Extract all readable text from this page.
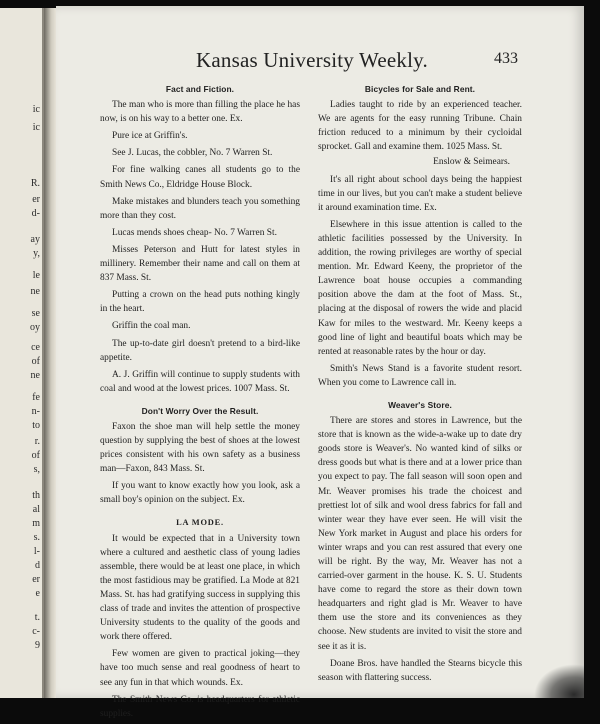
ic
ic
R.
er
d-
ay
y,
le
ne
se
oy
ce
of
ne
fe
n-
to
r.
of
s,
th
al
m
s.
l-
d
er
e
t.
c-
9
Kansas University Weekly.	433
Fact and Fiction.
The man who is more than filling the place he has now, is on his way to a better one. Ex.
Pure ice at Griffin's.
See J. Lucas, the cobbler, No. 7 Warren St.
For fine walking canes all students go to the Smith News Co., Eldridge House Block.
Make mistakes and blunders teach you something more than they cost.
Lucas mends shoes cheap- No. 7 Warren St.
Misses Peterson and Hutt for latest styles in millinery. Remember their name and call on them at 837 Mass. St.
Putting a crown on the head puts nothing kingly in the heart.
Griffin the coal man.
The up-to-date girl doesn't pretend to a bird-like appetite.
A. J. Griffin will continue to supply students with coal and wood at the lowest prices. 1007 Mass. St.
Don't Worry Over the Result.
Faxon the shoe man will help settle the money question by supplying the best of shoes at the lowest prices consistent with his own safety as a business man—Faxon, 843 Mass. St.
If you want to know exactly how you look, ask a small boy's opinion on the subject. Ex.
LA MODE.
It would be expected that in a University town where a cultured and aesthetic class of young ladies assemble, there would be at least one place, in which the most fastidious may be gratified. La Mode at 821 Mass. St. has had gratifying success in supplying this class of trade and invites the attention of prospective University students to the quality of the goods and work there offered.
Few women are given to practical joking—they have too much sense and real goodness of heart to see any fun in that which wounds. Ex.
The Smith News Co. is headquarters for athletic supplies.
Bicycles for Sale and Rent.
Ladies taught to ride by an experienced teacher. We are agents for the easy running Tribune. Chain friction reduced to a minimum by their cycloidal sprocket. Gall and examine them. 1025 Mass. St.
Enslow & Seimears.
It's all right about school days being the happiest time in our lives, but you can't make a student believe it around examination time. Ex.
Elsewhere in this issue attention is called to the athletic facilities possessed by the University. In addition, the rowing privileges are worthy of special mention. Mr. Edward Keeny, the proprietor of the Lawrence boat house occupies a commanding position above the dam at the foot of Mass. St., placing at the disposal of rowers the wide and placid Kaw for miles to the westward. Mr. Keeny keeps a good line of light and beautiful boats which may be rented at reasonable rates by the hour or day.
Smith's News Stand is a favorite student resort. When you come to Lawrence call in.
Weaver's Store.
There are stores and stores in Lawrence, but the store that is known as the wide-a-wake up to date dry goods store is Weaver's. No wanted kind of silks or dress goods but what is there and at a lower price than you expect to pay. The fall season will soon open and Mr. Weaver promises his trade the choicest and prettiest lot of silk and wool dress fabrics for fall and winter wear they have ever seen. He will visit the New York market in August and place his orders for winter wraps and you can rest assured that every one will be right. By the way, Mr. Weaver has not a carried-over garment in the house. K. S. U. Students have come to regard the store as their down town headquarters and right glad is Mr. Weaver to have them use the store and its conveniences as they choose. New students are invited to visit the store and see it as it is.
Doane Bros. have handled the Stearns bicycle this season with flattering success.
